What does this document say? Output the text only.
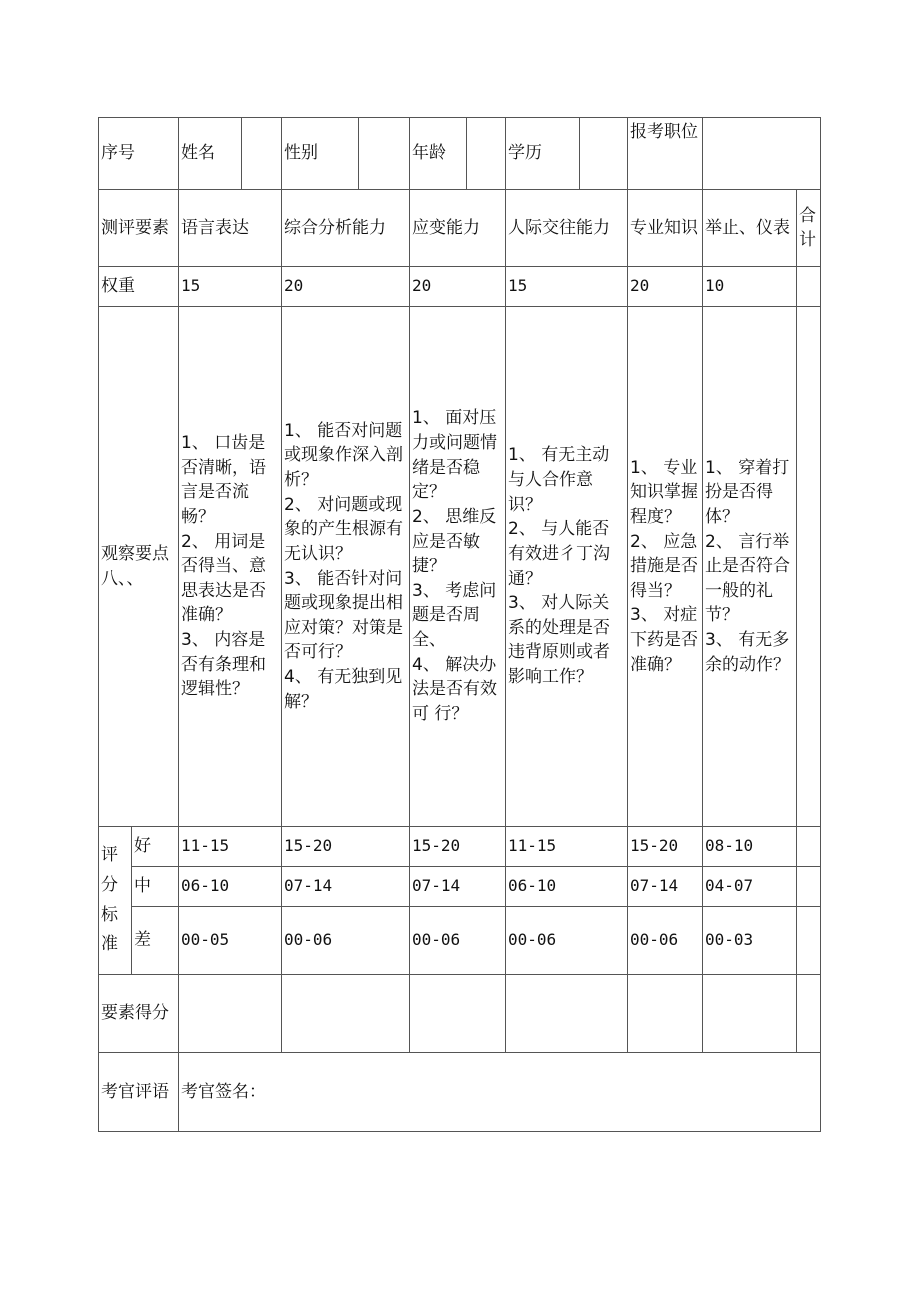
序号		姓名		性别		年龄		学历		报考职位		
测评要素		语言表达		综合分析能力		应变能力		人际交往能力		专业知识	举止、仪表	合计
权重		15		20		20		15		20	10	
观察要点八、、		1、 口齿是否清晰，语言是否流畅？
2、 用词是否得当、意思表达是否准确？
3、 内容是否有条理和逻辑性？		1、 能否对问题或现象作深入剖析？
2、 对问题或现象的产生根源有无认识？
3、 能否针对问题或现象提出相应对策？对策是否可行？
4、 有无独到见解？		1、 面对压力或问题情绪是否稳定？
2、 思维反应是否敏捷？
3、 考虑问题是否周全、
4、 解决办法是否有效可 行？		1、 有无主动与人合作意识？
2、 与人能否有效进彳丁沟通？
3、 对人际关系的处理是否违背原则或者影响工作？		1、 专业知识掌握程度？
2、 应急措施是否得当？
3、 对症下药是否准确？	1、 穿着打扮是否得体？
2、 言行举止是否符合一般的礼节？
3、 有无多余的动作？	
评分标准	好	11-15		15-20		15-20		11-15		15-20	08-10	
	中	06-10		07-14		07-14		06-10		07-14	04-07	
	差	00-05		00-06		00-06		00-06		00-06	00-03	
要素得分												
考官评语		考官签名：										
